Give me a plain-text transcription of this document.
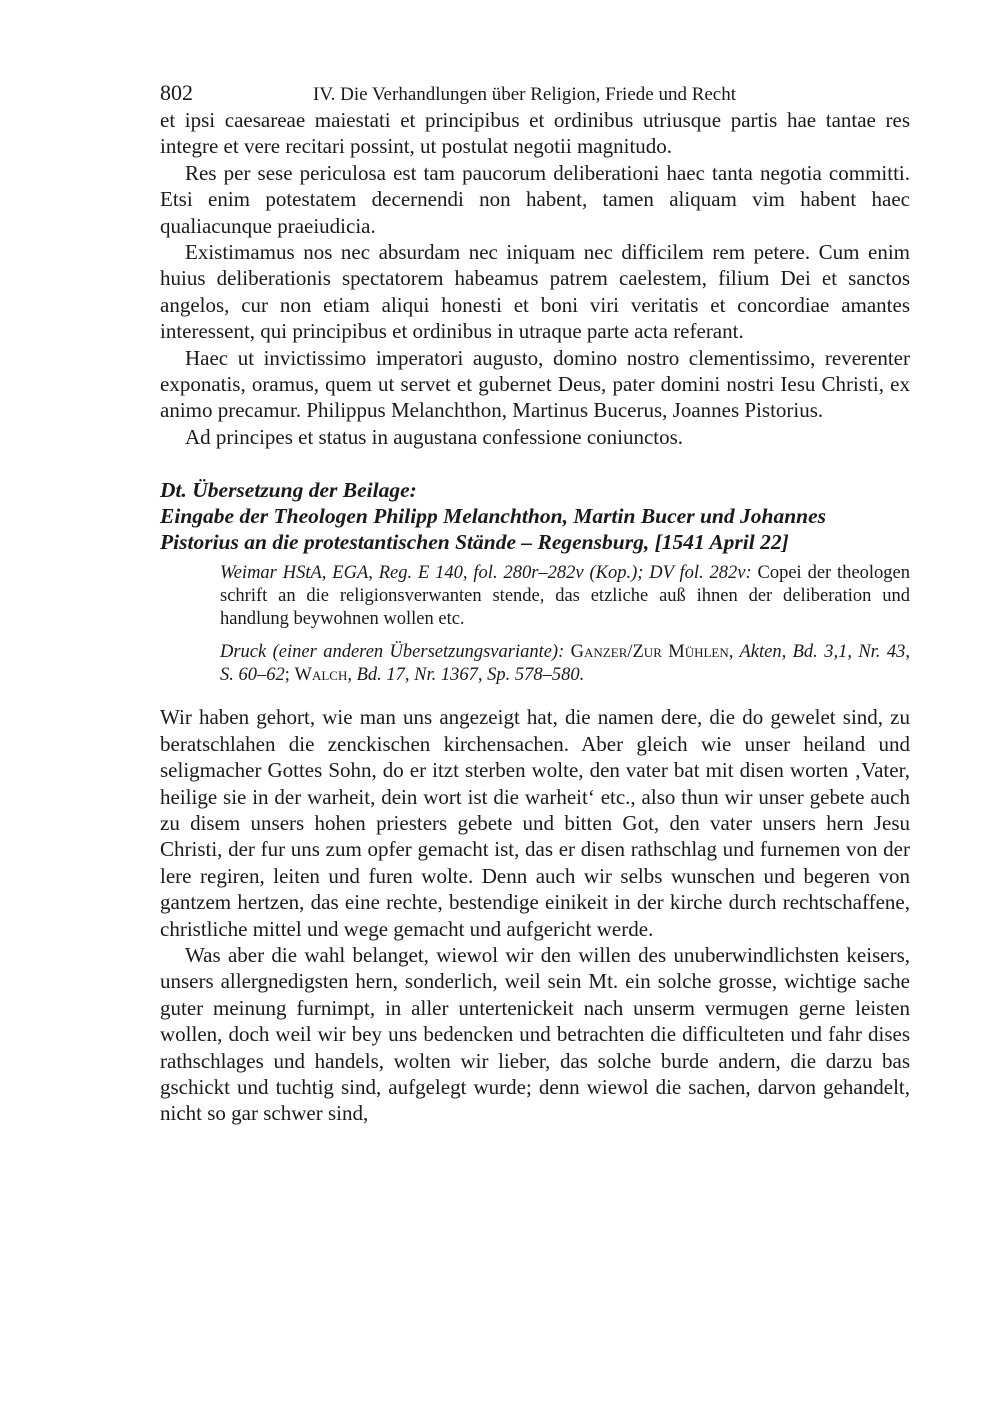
802	IV. Die Verhandlungen über Religion, Friede und Recht

et ipsi caesareae maiestati et principibus et ordinibus utriusque partis hae tantae res integre et vere recitari possint, ut postulat negotii magnitudo.

Res per sese periculosa est tam paucorum deliberationi haec tanta negotia committi. Etsi enim potestatem decernendi non habent, tamen aliquam vim habent haec qualiacunque praeiudicia.

Existimamus nos nec absurdam nec iniquam nec difficilem rem petere. Cum enim huius deliberationis spectatorem habeamus patrem caelestem, filium Dei et sanctos angelos, cur non etiam aliqui honesti et boni viri veritatis et concordiae amantes interessent, qui principibus et ordinibus in utraque parte acta referant.

Haec ut invictissimo imperatori augusto, domino nostro clementissimo, reverenter exponatis, oramus, quem ut servet et gubernet Deus, pater domini nostri Iesu Christi, ex animo precamur. Philippus Melanchthon, Martinus Bucerus, Joannes Pistorius.

Ad principes et status in augustana confessione coniunctos.

Dt. Übersetzung der Beilage:
Eingabe der Theologen Philipp Melanchthon, Martin Bucer und Johannes Pistorius an die protestantischen Stände – Regensburg, [1541 April 22]

Weimar HStA, EGA, Reg. E 140, fol. 280r–282v (Kop.); DV fol. 282v: Copei der theologen schrift an die religionsverwanten stende, das etzliche auß ihnen der deliberation und handlung beywohnen wollen etc.

Druck (einer anderen Übersetzungsvariante): Ganzer/Zur Mühlen, Akten, Bd. 3,1, Nr. 43, S. 60–62; Walch, Bd. 17, Nr. 1367, Sp. 578–580.

Wir haben gehort, wie man uns angezeigt hat, die namen dere, die do gewelet sind, zu beratschlahen die zenckischen kirchensachen. Aber gleich wie unser heiland und seligmacher Gottes Sohn, do er itzt sterben wolte, den vater bat mit disen worten ‚Vater, heilige sie in der warheit, dein wort ist die warheit‘ etc., also thun wir unser gebete auch zu disem unsers hohen priesters gebete und bitten Got, den vater unsers hern Jesu Christi, der fur uns zum opfer gemacht ist, das er disen rathschlag und furnemen von der lere regiren, leiten und furen wolte. Denn auch wir selbs wunschen und begeren von gantzem hertzen, das eine rechte, bestendige einikeit in der kirche durch rechtschaffene, christliche mittel und wege gemacht und aufgericht werde.

Was aber die wahl belanget, wiewol wir den willen des unuberwindlichsten keisers, unsers allergnedigsten hern, sonderlich, weil sein Mt. ein solche grosse, wichtige sache guter meinung furnimpt, in aller untertenickeit nach unserm vermugen gerne leisten wollen, doch weil wir bey uns bedencken und betrachten die difficulteten und fahr dises rathschlages und handels, wolten wir lieber, das solche burde andern, die darzu bas gschickt und tuchtig sind, aufgelegt wurde; denn wiewol die sachen, darvon gehandelt, nicht so gar schwer sind,
